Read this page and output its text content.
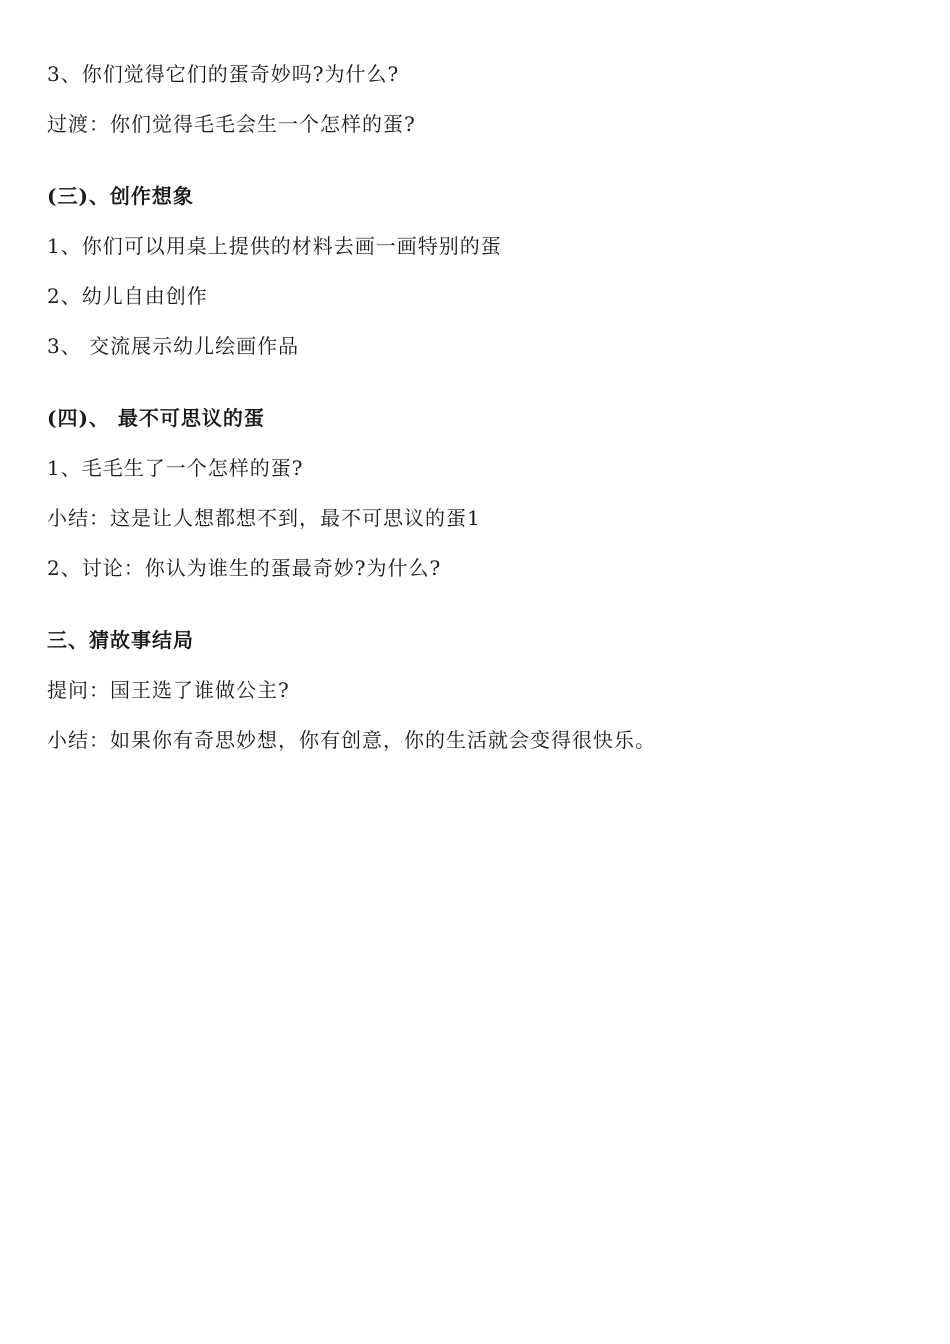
3、你们觉得它们的蛋奇妙吗?为什么?
过渡：你们觉得毛毛会生一个怎样的蛋?
(三)、创作想象
1、你们可以用桌上提供的材料去画一画特别的蛋
2、幼儿自由创作
3、 交流展示幼儿绘画作品
(四)、 最不可思议的蛋
1、毛毛生了一个怎样的蛋?
小结：这是让人想都想不到，最不可思议的蛋1
2、讨论：你认为谁生的蛋最奇妙?为什么?
三、猜故事结局
提问：国王选了谁做公主?
小结：如果你有奇思妙想，你有创意，你的生活就会变得很快乐。
